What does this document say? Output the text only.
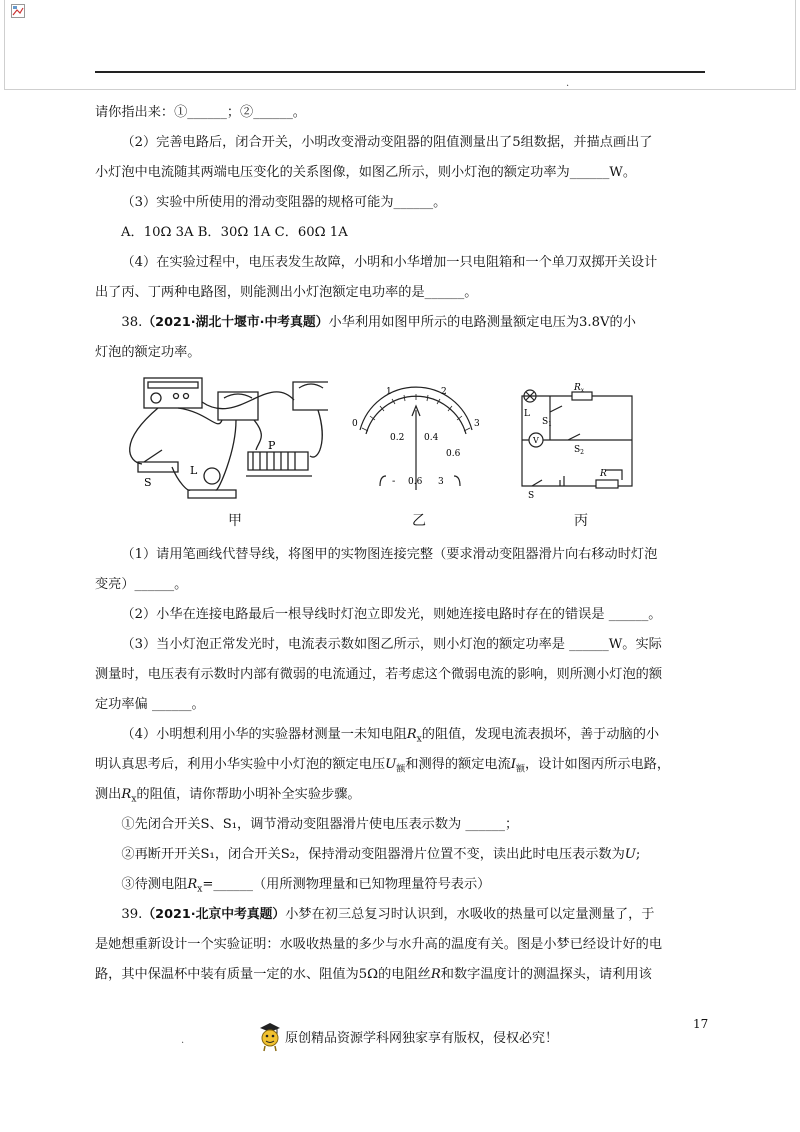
.

请你指出来：①______；②______。

（2）完善电路后，闭合开关，小明改变滑动变阻器的阻值测量出了5组数据，并描点画出了

小灯泡中电流随其两端电压变化的关系图像，如图乙所示，则小灯泡的额定功率为______W。

（3）实验中所使用的滑动变阻器的规格可能为______。

A．10Ω 3A B．30Ω 1A C．60Ω 1A

（4）在实验过程中，电压表发生故障，小明和小华增加一只电阻箱和一个单刀双掷开关设计

出了丙、丁两种电路图，则能测出小灯泡额定电功率的是______。

38.（2021·湖北十堰市·中考真题）小华利用如图甲所示的电路测量额定电压为3.8V的小

灯泡的额定功率。

S
L
P
甲
0
1	2
3
0.2 0.4
0.6
- 0.6 3
乙
L
$R_x$
$S_1$
$S_2$
V
R
S
丙

（1）请用笔画线代替导线，将图甲的实物图连接完整（要求滑动变阻器滑片向右移动时灯泡

变亮）______。

（2）小华在连接电路最后一根导线时灯泡立即发光，则她连接电路时存在的错误是 ______。

（3）当小灯泡正常发光时，电流表示数如图乙所示，则小灯泡的额定功率是 ______W。实际

测量时，电压表有示数时内部有微弱的电流通过，若考虑这个微弱电流的影响，则所测小灯泡的额

定功率偏 ______。

（4）小明想利用小华的实验器材测量一未知电阻$R_x$的阻值，发现电流表损坏，善于动脑的小

明认真思考后，利用小华实验中小灯泡的额定电压$U_额$和测得的额定电流$I_额$，设计如图丙所示电路，

测出$R_x$的阻值，请你帮助小明补全实验步骤。

①先闭合开关S、S₁，调节滑动变阻器滑片使电压表示数为 ______；

②再断开开关S₁，闭合开关S₂，保持滑动变阻器滑片位置不变，读出此时电压表示数为U;

③待测电阻$R_x=\_\_\_\_\_\_$（用所测物理量和已知物理量符号表示）

39.（2021·北京中考真题）小梦在初三总复习时认识到，水吸收的热量可以定量测量了，于

是她想重新设计一个实验证明：水吸收热量的多少与水升高的温度有关。图是小梦已经设计好的电

路，其中保温杯中装有质量一定的水、阻值为5Ω的电阻丝R和数字温度计的测温探头，请利用该

17
.	原创精品资源学科网独家享有版权，侵权必究！
